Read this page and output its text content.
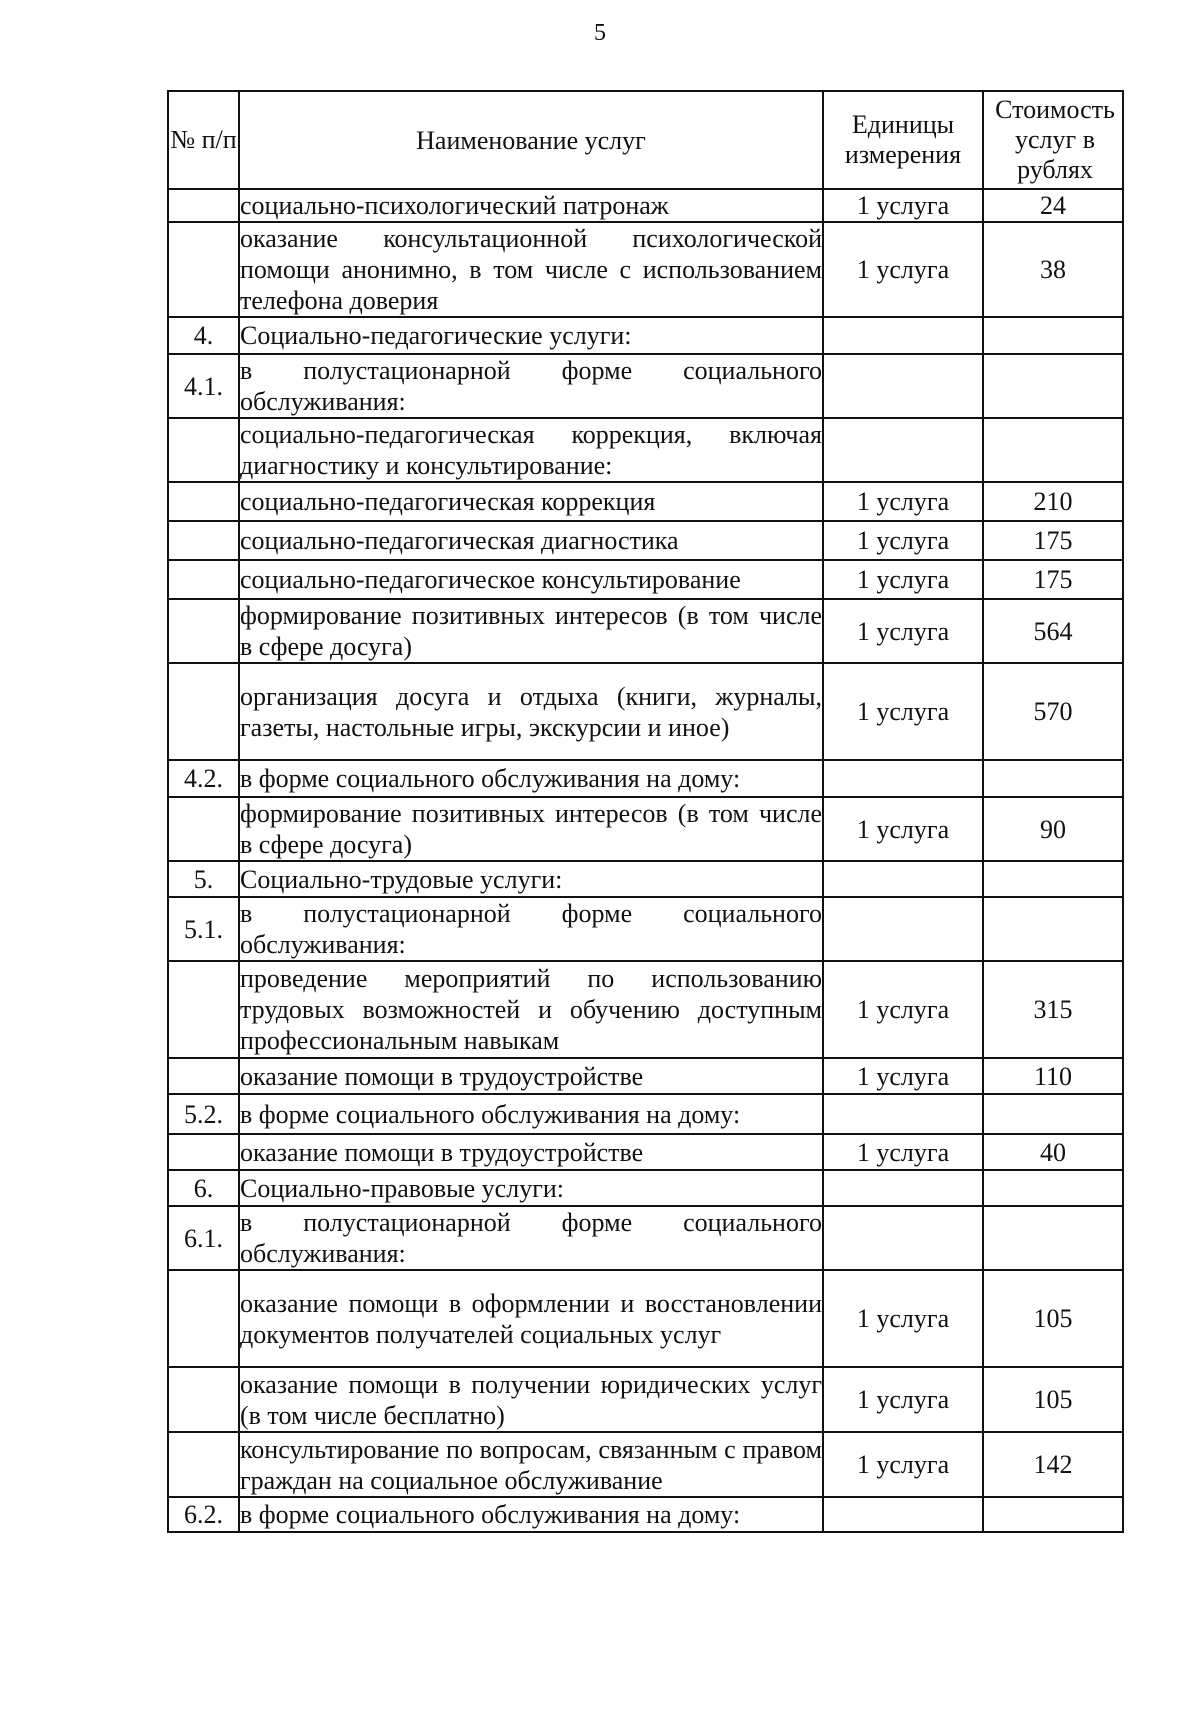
5
№ п/п	Наименование услуг	Единицы измерения	Стоимость услуг в рублях

	социально-психологический патронаж	1 услуга	24
	оказание консультационной психологической помощи анонимно, в том числе с использованием телефона доверия	1 услуга	38
4.	Социально-педагогические услуги:		
4.1.	в полустационарной форме социального обслуживания:		
	социально-педагогическая коррекция, включая диагностику и консультирование:		
	социально-педагогическая коррекция	1 услуга	210
	социально-педагогическая диагностика	1 услуга	175
	социально-педагогическое консультирование	1 услуга	175
	формирование позитивных интересов (в том числе в сфере досуга)	1 услуга	564
	организация досуга и отдыха (книги, журналы, газеты, настольные игры, экскурсии и иное)	1 услуга	570
4.2.	в форме социального обслуживания на дому:		
	формирование позитивных интересов (в том числе в сфере досуга)	1 услуга	90
5.	Социально-трудовые услуги:		
5.1.	в полустационарной форме социального обслуживания:		
	проведение мероприятий по использованию трудовых возможностей и обучению доступным профессиональным навыкам	1 услуга	315
	оказание помощи в трудоустройстве	1 услуга	110
5.2.	в форме социального обслуживания на дому:		
	оказание помощи в трудоустройстве	1 услуга	40
6.	Социально-правовые услуги:		
6.1.	в полустационарной форме социального обслуживания:		
	оказание помощи в оформлении и восстановлении документов получателей социальных услуг	1 услуга	105
	оказание помощи в получении юридических услуг (в том числе бесплатно)	1 услуга	105
	консультирование по вопросам, связанным с правом граждан на социальное обслуживание	1 услуга	142
6.2.	в форме социального обслуживания на дому:		
